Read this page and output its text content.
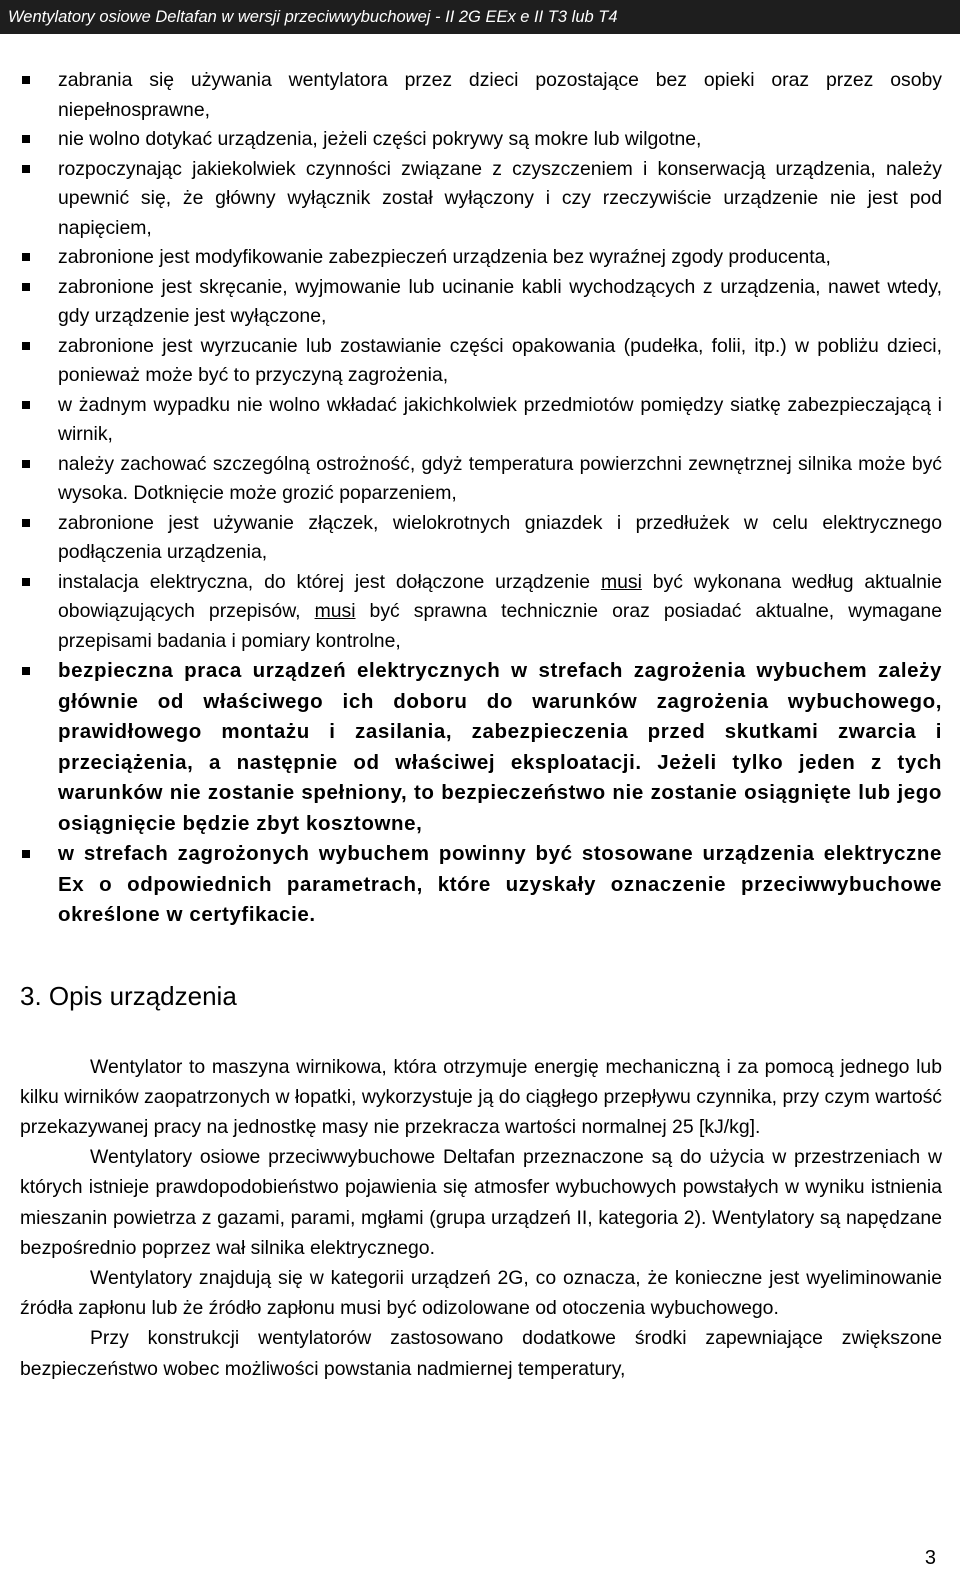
Wentylatory osiowe Deltafan w wersji przeciwwybuchowej - II 2G EEx e II T3 lub T4
zabrania się używania wentylatora przez dzieci pozostające bez opieki oraz przez osoby niepełnosprawne,
nie wolno dotykać urządzenia, jeżeli części pokrywy są mokre lub wilgotne,
rozpoczynając jakiekolwiek czynności związane z czyszczeniem i konserwacją urządzenia, należy upewnić się, że główny wyłącznik został wyłączony i czy rzeczywiście urządzenie nie jest pod napięciem,
zabronione jest modyfikowanie zabezpieczeń urządzenia bez wyraźnej zgody producenta,
zabronione jest skręcanie, wyjmowanie lub ucinanie kabli wychodzących z urządzenia, nawet wtedy, gdy urządzenie jest wyłączone,
zabronione jest wyrzucanie lub zostawianie części opakowania (pudełka, folii, itp.) w pobliżu dzieci, ponieważ może być to przyczyną zagrożenia,
w żadnym wypadku nie wolno wkładać jakichkolwiek przedmiotów pomiędzy siatkę zabezpieczającą i wirnik,
należy zachować szczególną ostrożność, gdyż temperatura powierzchni zewnętrznej silnika może być wysoka. Dotknięcie może grozić poparzeniem,
zabronione jest używanie złączek, wielokrotnych gniazdek i przedłużek w celu elektrycznego podłączenia urządzenia,
instalacja elektryczna, do której jest dołączone urządzenie musi być wykonana według aktualnie obowiązujących przepisów, musi być sprawna technicznie oraz posiadać aktualne, wymagane przepisami badania i pomiary kontrolne,
bezpieczna praca urządzeń elektrycznych w strefach zagrożenia wybuchem zależy głównie od właściwego ich doboru do warunków zagrożenia wybuchowego, prawidłowego montażu i zasilania, zabezpieczenia przed skutkami zwarcia i przeciążenia, a następnie od właściwej eksploatacji. Jeżeli tylko jeden z tych warunków nie zostanie spełniony, to bezpieczeństwo nie zostanie osiągnięte lub jego osiągnięcie będzie zbyt kosztowne,
w strefach zagrożonych wybuchem powinny być stosowane urządzenia elektryczne Ex o odpowiednich parametrach, które uzyskały oznaczenie przeciwwybuchowe określone w certyfikacie.
3. Opis urządzenia

Wentylator to maszyna wirnikowa, która otrzymuje energię mechaniczną i za pomocą jednego lub kilku wirników zaopatrzonych w łopatki, wykorzystuje ją do ciągłego przepływu czynnika, przy czym wartość przekazywanej pracy na jednostkę masy nie przekracza wartości normalnej 25 [kJ/kg].

Wentylatory osiowe przeciwwybuchowe Deltafan przeznaczone są do użycia w przestrzeniach w których istnieje prawdopodobieństwo pojawienia się atmosfer wybuchowych powstałych w wyniku istnienia mieszanin powietrza z gazami, parami, mgłami (grupa urządzeń II, kategoria 2). Wentylatory są napędzane bezpośrednio poprzez wał silnika elektrycznego.

Wentylatory znajdują się w kategorii urządzeń 2G, co oznacza, że konieczne jest wyeliminowanie źródła zapłonu lub że źródło zapłonu musi być odizolowane od otoczenia wybuchowego.

Przy konstrukcji wentylatorów zastosowano dodatkowe środki zapewniające zwiększone bezpieczeństwo wobec możliwości powstania nadmiernej temperatury,

3
